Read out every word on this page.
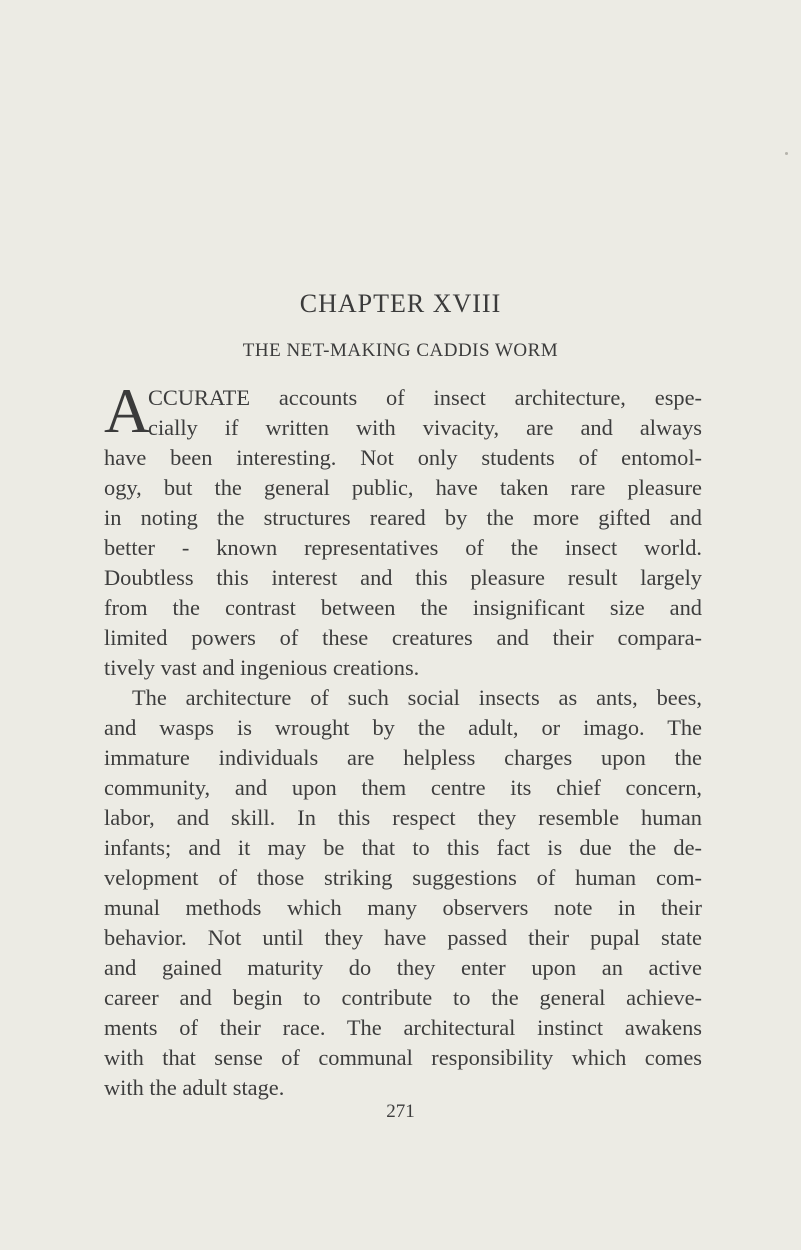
CHAPTER XVIII
THE NET-MAKING CADDIS WORM
A
CCURATE accounts of insect architecture, espe-
cially if written with vivacity, are and always
have been interesting. Not only students of entomol-
ogy, but the general public, have taken rare pleasure
in noting the structures reared by the more gifted and
better - known representatives of the insect world.
Doubtless this interest and this pleasure result largely
from the contrast between the insignificant size and
limited powers of these creatures and their compara-
tively vast and ingenious creations.
The architecture of such social insects as ants, bees,
and wasps is wrought by the adult, or imago. The
immature individuals are helpless charges upon the
community, and upon them centre its chief concern,
labor, and skill. In this respect they resemble human
infants; and it may be that to this fact is due the de-
velopment of those striking suggestions of human com-
munal methods which many observers note in their
behavior. Not until they have passed their pupal state
and gained maturity do they enter upon an active
career and begin to contribute to the general achieve-
ments of their race. The architectural instinct awakens
with that sense of communal responsibility which comes
with the adult stage.
271
